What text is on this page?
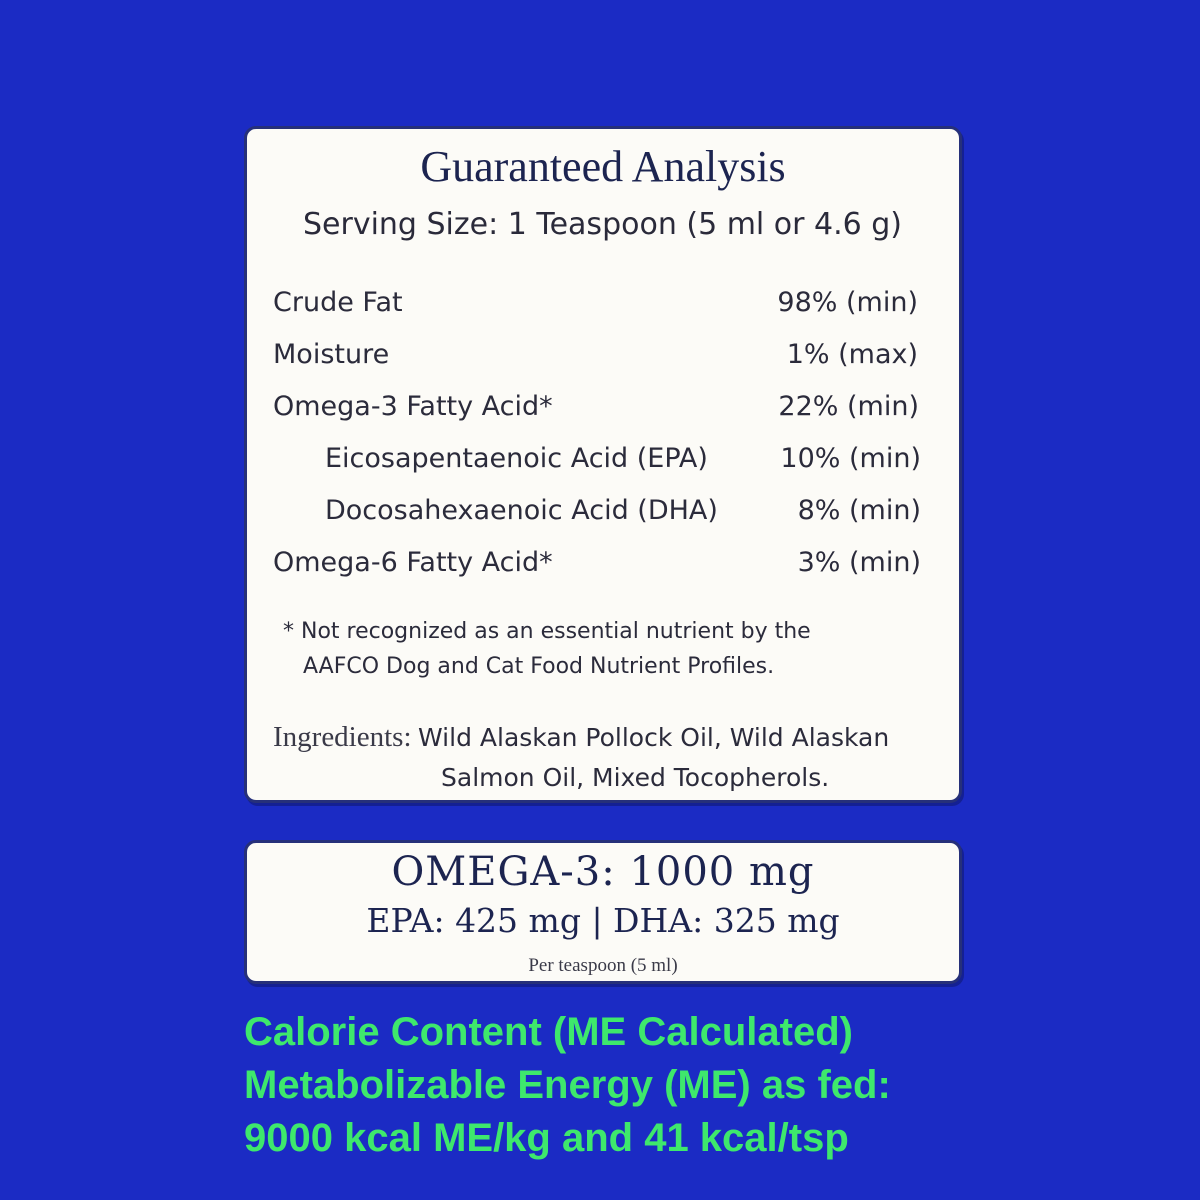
Guaranteed Analysis
Serving Size: 1 Teaspoon (5 ml or 4.6 g)
Crude Fat	98% (min)
Moisture	1% (max)
Omega-3 Fatty Acid*	22% (min)
Eicosapentaenoic Acid (EPA)	10% (min)
Docosahexaenoic Acid (DHA)	8% (min)
Omega-6 Fatty Acid*	3% (min)
* Not recognized as an essential nutrient by the
AAFCO Dog and Cat Food Nutrient Profiles.
Ingredients: Wild Alaskan Pollock Oil, Wild Alaskan
Salmon Oil, Mixed Tocopherols.
OMEGA-3: 1000 mg
EPA: 425 mg | DHA: 325 mg
Per teaspoon (5 ml)
Calorie Content (ME Calculated)
Metabolizable Energy (ME) as fed:
9000 kcal ME/kg and 41 kcal/tsp
